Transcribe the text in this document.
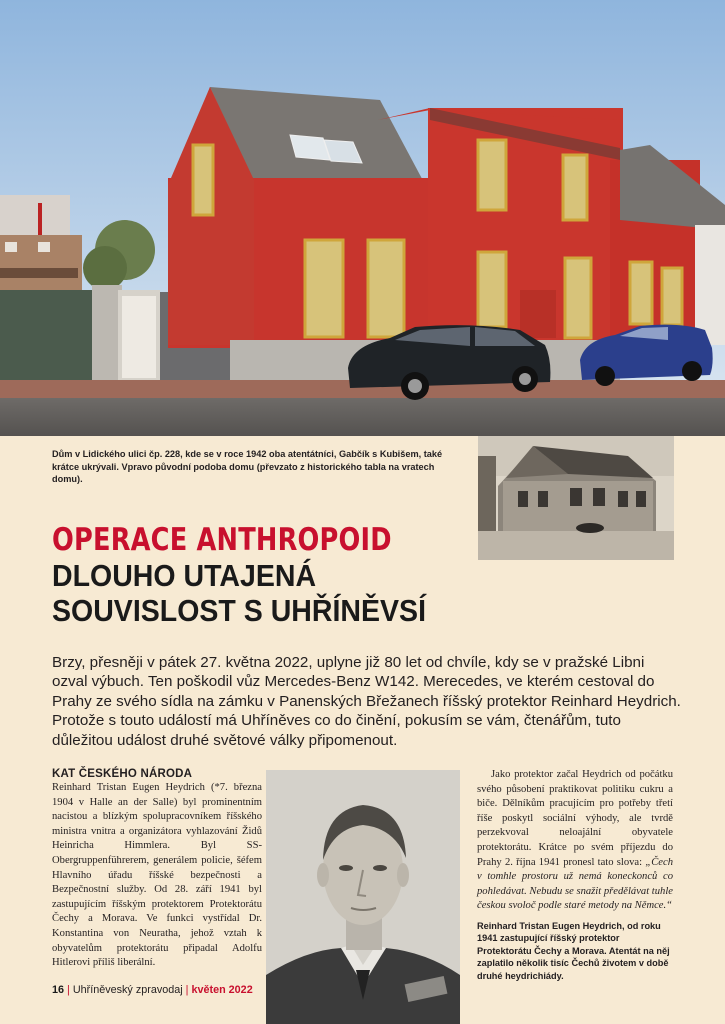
Dům v Lidického ulici čp. 228, kde se v roce 1942 oba atentátníci, Gabčík s Kubišem, také krátce ukrývali. Vpravo původní podoba domu (převzato z historického tabla na vratech domu).
OPERACE ANTHROPOID
DLOUHO UTAJENÁ
SOUVISLOST S UHŘÍNĚVSÍ
Brzy, přesněji v pátek 27. května 2022, uplyne již 80 let od chvíle, kdy se v pražské Libni ozval výbuch. Ten poškodil vůz Mercedes-Benz W142. Merecedes, ve kterém cestoval do Prahy ze svého sídla na zámku v Panenských Břežanech říšský protektor Reinhard Heydrich. Protože s touto událostí má Uhříněves co do činění, pokusím se vám, čtenářům, tuto důležitou událost druhé světové války připomenout.
KAT ČESKÉHO NÁRODA
Reinhard Tristan Eugen Heydrich (*7. března 1904 v Halle an der Salle) byl prominentním nacistou a blízkým spolupracovníkem říšského ministra vnitra a organizátora vyhlazování Židů Heinricha Himmlera. Byl SS-Obergruppenführerem, generálem policie, šéfem Hlavního úřadu říšské bezpečnosti a Bezpečnostní služby. Od 28. září 1941 byl zastupujícím říšským protektorem Protektorátu Čechy a Morava. Ve funkci vystřídal Dr. Konstantina von Neuratha, jehož vztah k obyvatelům protektorátu připadal Adolfu Hitlerovi příliš liberální.
Jako protektor začal Heydrich od počátku svého působení praktikovat politiku cukru a biče. Dělníkům pracujícím pro potřeby třetí říše poskytl sociální výhody, ale tvrdě perzekvoval neloajální obyvatele protektorátu. Krátce po svém příjezdu do Prahy 2. října 1941 pronesl tato slova: „Čech v tomhle prostoru už nemá koneckonců co pohledávat. Nebudu se snažit předělávat tuhle českou svoloč podle staré metody na Němce.“
Reinhard Tristan Eugen Heydrich, od roku 1941 zastupující říšský protektor Protektorátu Čechy a Morava. Atentát na něj zaplatilo několik tisíc Čechů životem v době druhé heydrichiády.
16 | Uhříněveský zpravodaj | květen 2022
